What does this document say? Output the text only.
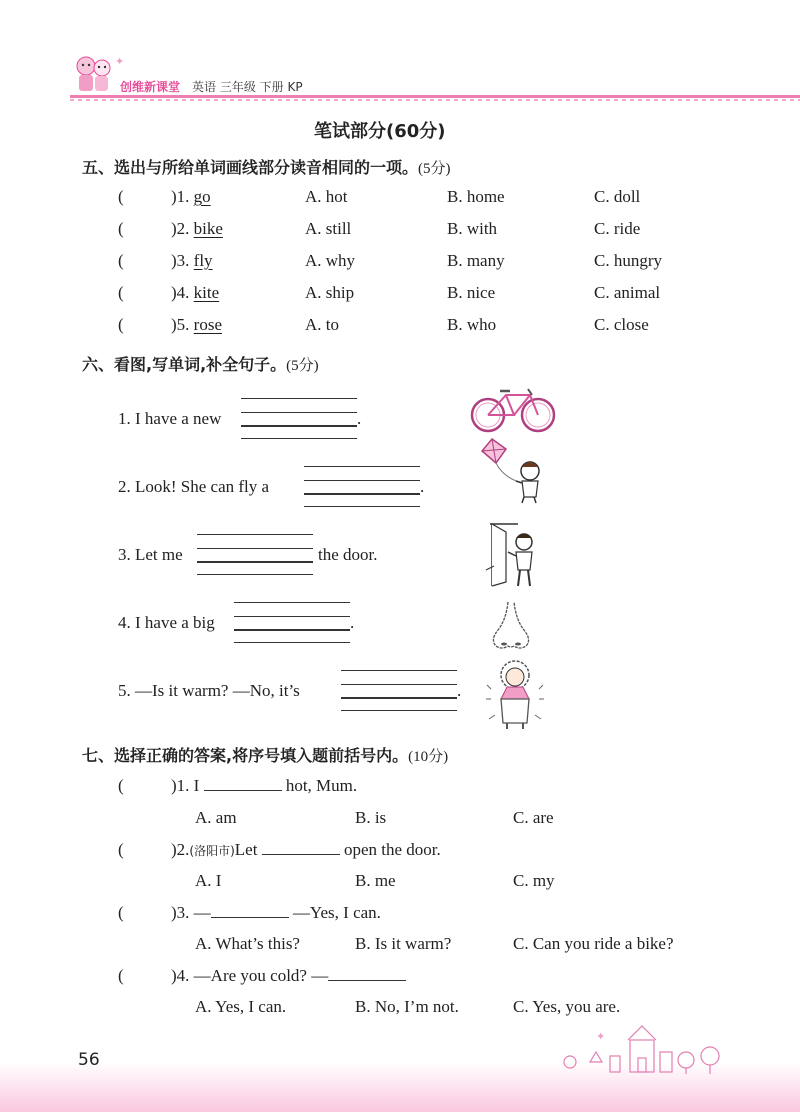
✦
创维新课堂 英语 三年级 下册 KP
笔试部分(60分)
五、选出与所给单词画线部分读音相同的一项。(5分)
(	)1. go	A. hot	B. home	C. doll
(	)2. bike	A. still	B. with	C. ride
(	)3. fly	A. why	B. many	C. hungry
(	)4. kite	A. ship	B. nice	C. animal
(	)5. rose	A. to	B. who	C. close
六、看图,写单词,补全句子。(5分)
1. I have a new	.
2. Look! She can fly a	.
3. Let me	the door.
4. I have a big	.
5. —Is it warm? —No, it’s	.
七、选择正确的答案,将序号填入题前括号内。(10分)
(	)1. I	hot, Mum.
A. am	B. is	C. are
(	)2.(洛阳市)Let	open the door.
A. I	B. me	C. my
(	)3. —	—Yes, I can.
A. What’s this?	B. Is it warm?	C. Can you ride a bike?
(	)4. —Are you cold? —
A. Yes, I can.	B. No, I’m not.	C. Yes, you are.
✦
56
